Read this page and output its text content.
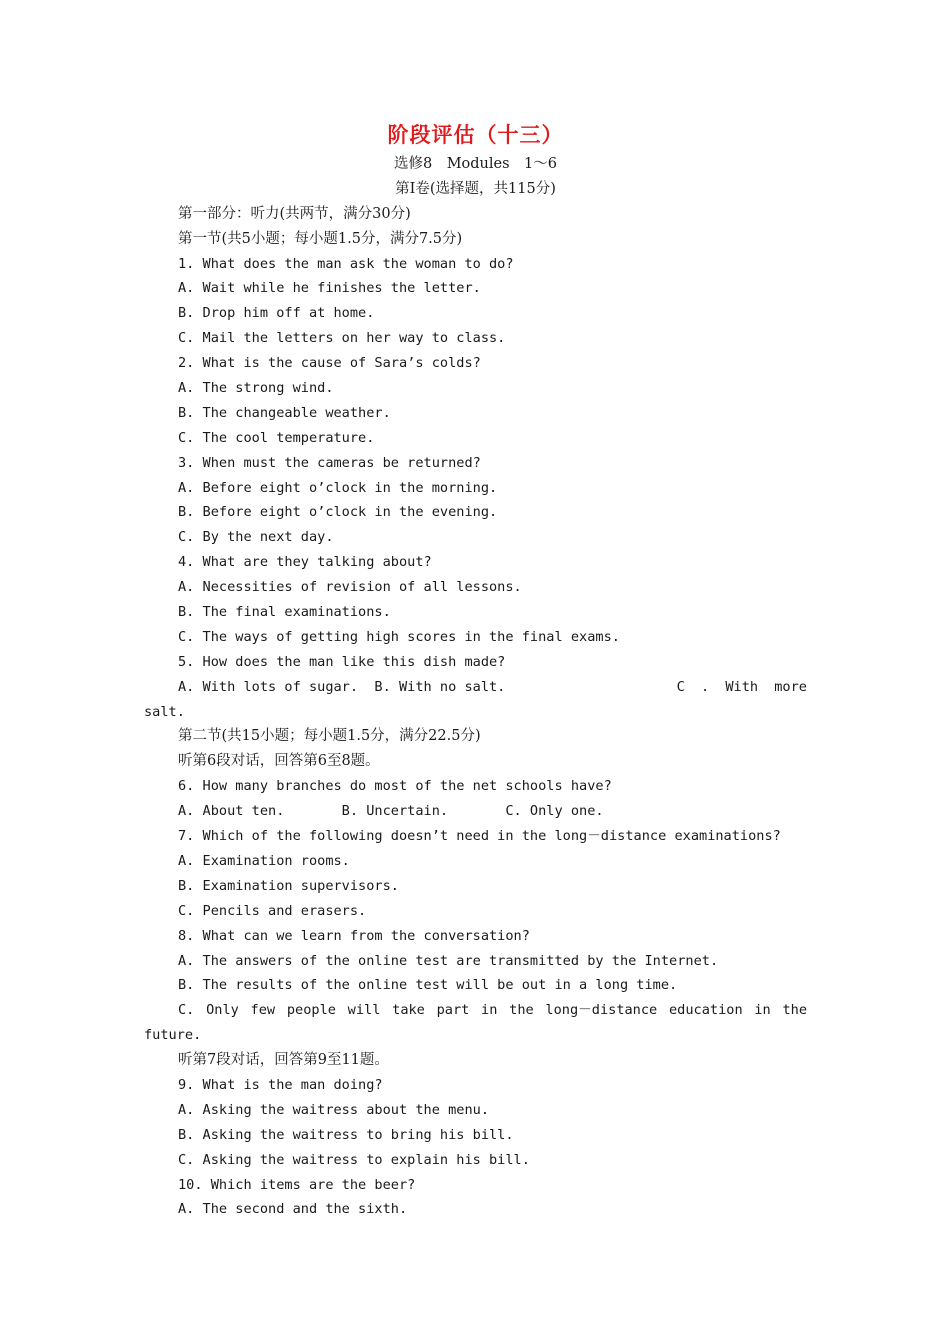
阶段评估（十三）
选修8　Modules　1～6
第Ⅰ卷(选择题，共115分)
第一部分：听力(共两节，满分30分)
第一节(共5小题；每小题1.5分，满分7.5分)
1. What does the man ask the woman to do?
A. Wait while he finishes the letter.
B. Drop him off at home.
C. Mail the letters on her way to class.
2. What is the cause of Sara’s colds?
A. The strong wind.
B. The changeable weather.
C. The cool temperature.
3. When must the cameras be returned?
A. Before eight o’clock in the morning.
B. Before eight o’clock in the evening.
C. By the next day.
4. What are they talking about?
A. Necessities of revision of all lessons.
B. The final examinations.
C. The ways of getting high scores in the final exams.
5. How does the man like this dish made?
A. With lots of sugar.  B. With no salt.	C . With more
salt.
第二节(共15小题；每小题1.5分，满分22.5分)
听第6段对话，回答第6至8题。
6. How many branches do most of the net schools have?
A. About ten.       B. Uncertain.       C. Only one.
7. Which of the following doesn’t need in the long－distance examinations?
A. Examination rooms.
B. Examination supervisors.
C. Pencils and erasers.
8. What can we learn from the conversation?
A. The answers of the online test are transmitted by the Internet.
B. The results of the online test will be out in a long time.
C. Only few people will take part in the long－distance education in the
future.
听第7段对话，回答第9至11题。
9. What is the man doing?
A. Asking the waitress about the menu.
B. Asking the waitress to bring his bill.
C. Asking the waitress to explain his bill.
10. Which items are the beer?
A. The second and the sixth.
